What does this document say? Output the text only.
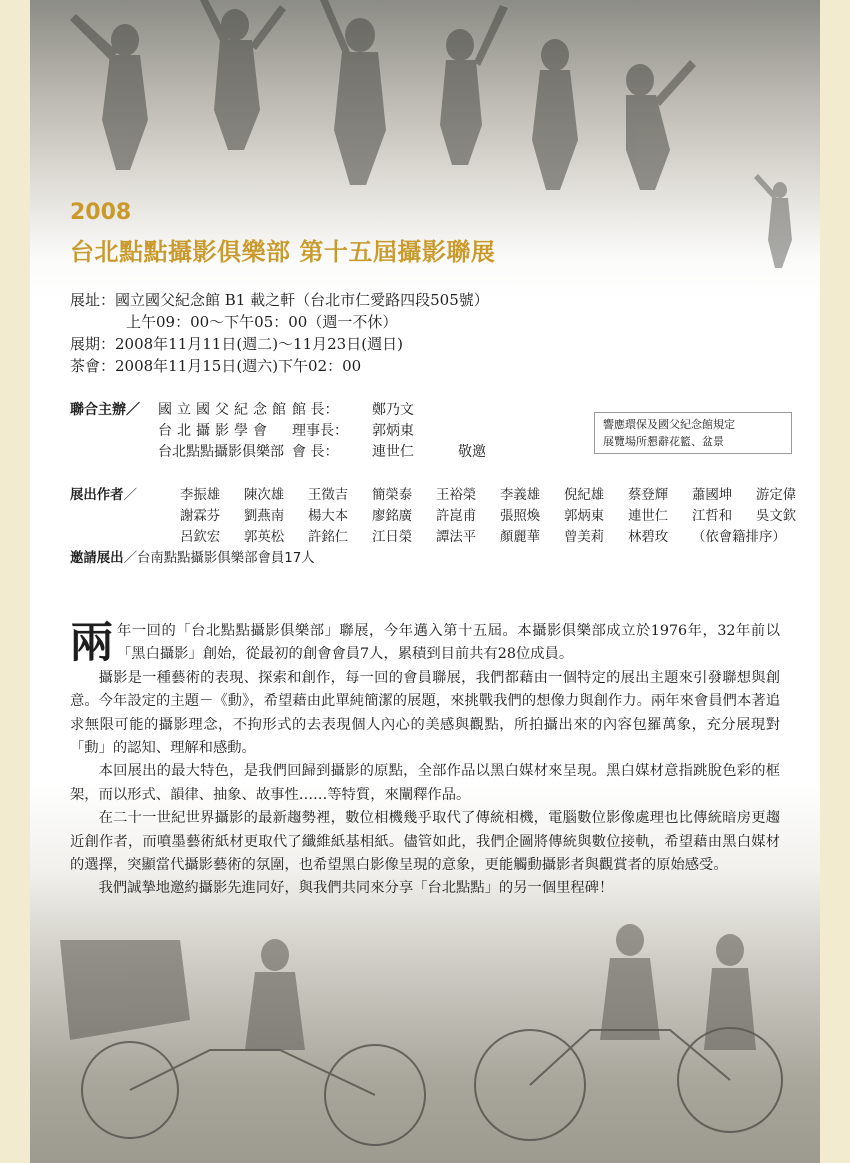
2008
台北點點攝影俱樂部 第十五屆攝影聯展
展址：國立國父紀念館 B1 載之軒（台北市仁愛路四段505號）
上午09：00～下午05：00（週一不休）
展期：2008年11月11日(週二)～11月23日(週日)
茶會：2008年11月15日(週六)下午02：00
聯合主辦／	國立國父紀念館 館 長：	鄭乃文
台北攝影學會	理事長：	郭炳東
台北點點攝影俱樂部 會 長：	連世仁	敬邀
響應環保及國父紀念館規定
展覽場所懇辭花籃、盆景
展出作者／	李振雄	陳次雄	王徵吉	簡榮泰	王裕榮	李義雄	倪紀雄	蔡登輝	蕭國坤	游定偉
謝霖芬	劉燕南	楊大本	廖銘廣	許崑甫	張照煥	郭炳東	連世仁	江哲和	吳文欽
呂欽宏	郭英松	許銘仁	江日榮	譚法平	顏麗華	曾美莉	林碧玫	（依會籍排序）
邀請展出 ／台南點點攝影俱樂部會員17人

兩年一回的「台北點點攝影俱樂部」聯展，今年邁入第十五屆。本攝影俱樂部成立於1976年，32年前以「黑白攝影」創始，從最初的創會會員7人，累積到目前共有28位成員。

攝影是一種藝術的表現、探索和創作，每一回的會員聯展，我們都藉由一個特定的展出主題來引發聯想與創意。今年設定的主題－《動》，希望藉由此單純簡潔的展題，來挑戰我們的想像力與創作力。兩年來會員們本著追求無限可能的攝影理念，不拘形式的去表現個人內心的美感與觀點，所拍攝出來的內容包羅萬象，充分展現對「動」的認知、理解和感動。

本回展出的最大特色，是我們回歸到攝影的原點，全部作品以黑白媒材來呈現。黑白媒材意指跳脫色彩的框架，而以形式、韻律、抽象、故事性……等特質，來闡釋作品。

在二十一世紀世界攝影的最新趨勢裡，數位相機幾乎取代了傳統相機，電腦數位影像處理也比傳統暗房更趨近創作者，而噴墨藝術紙材更取代了纖維紙基相紙。儘管如此，我們企圖將傳統與數位接軌，希望藉由黑白媒材的選擇，突顯當代攝影藝術的氛圍，也希望黑白影像呈現的意象，更能觸動攝影者與觀賞者的原始感受。

我們誠摯地邀約攝影先進同好，與我們共同來分享「台北點點」的另一個里程碑！
